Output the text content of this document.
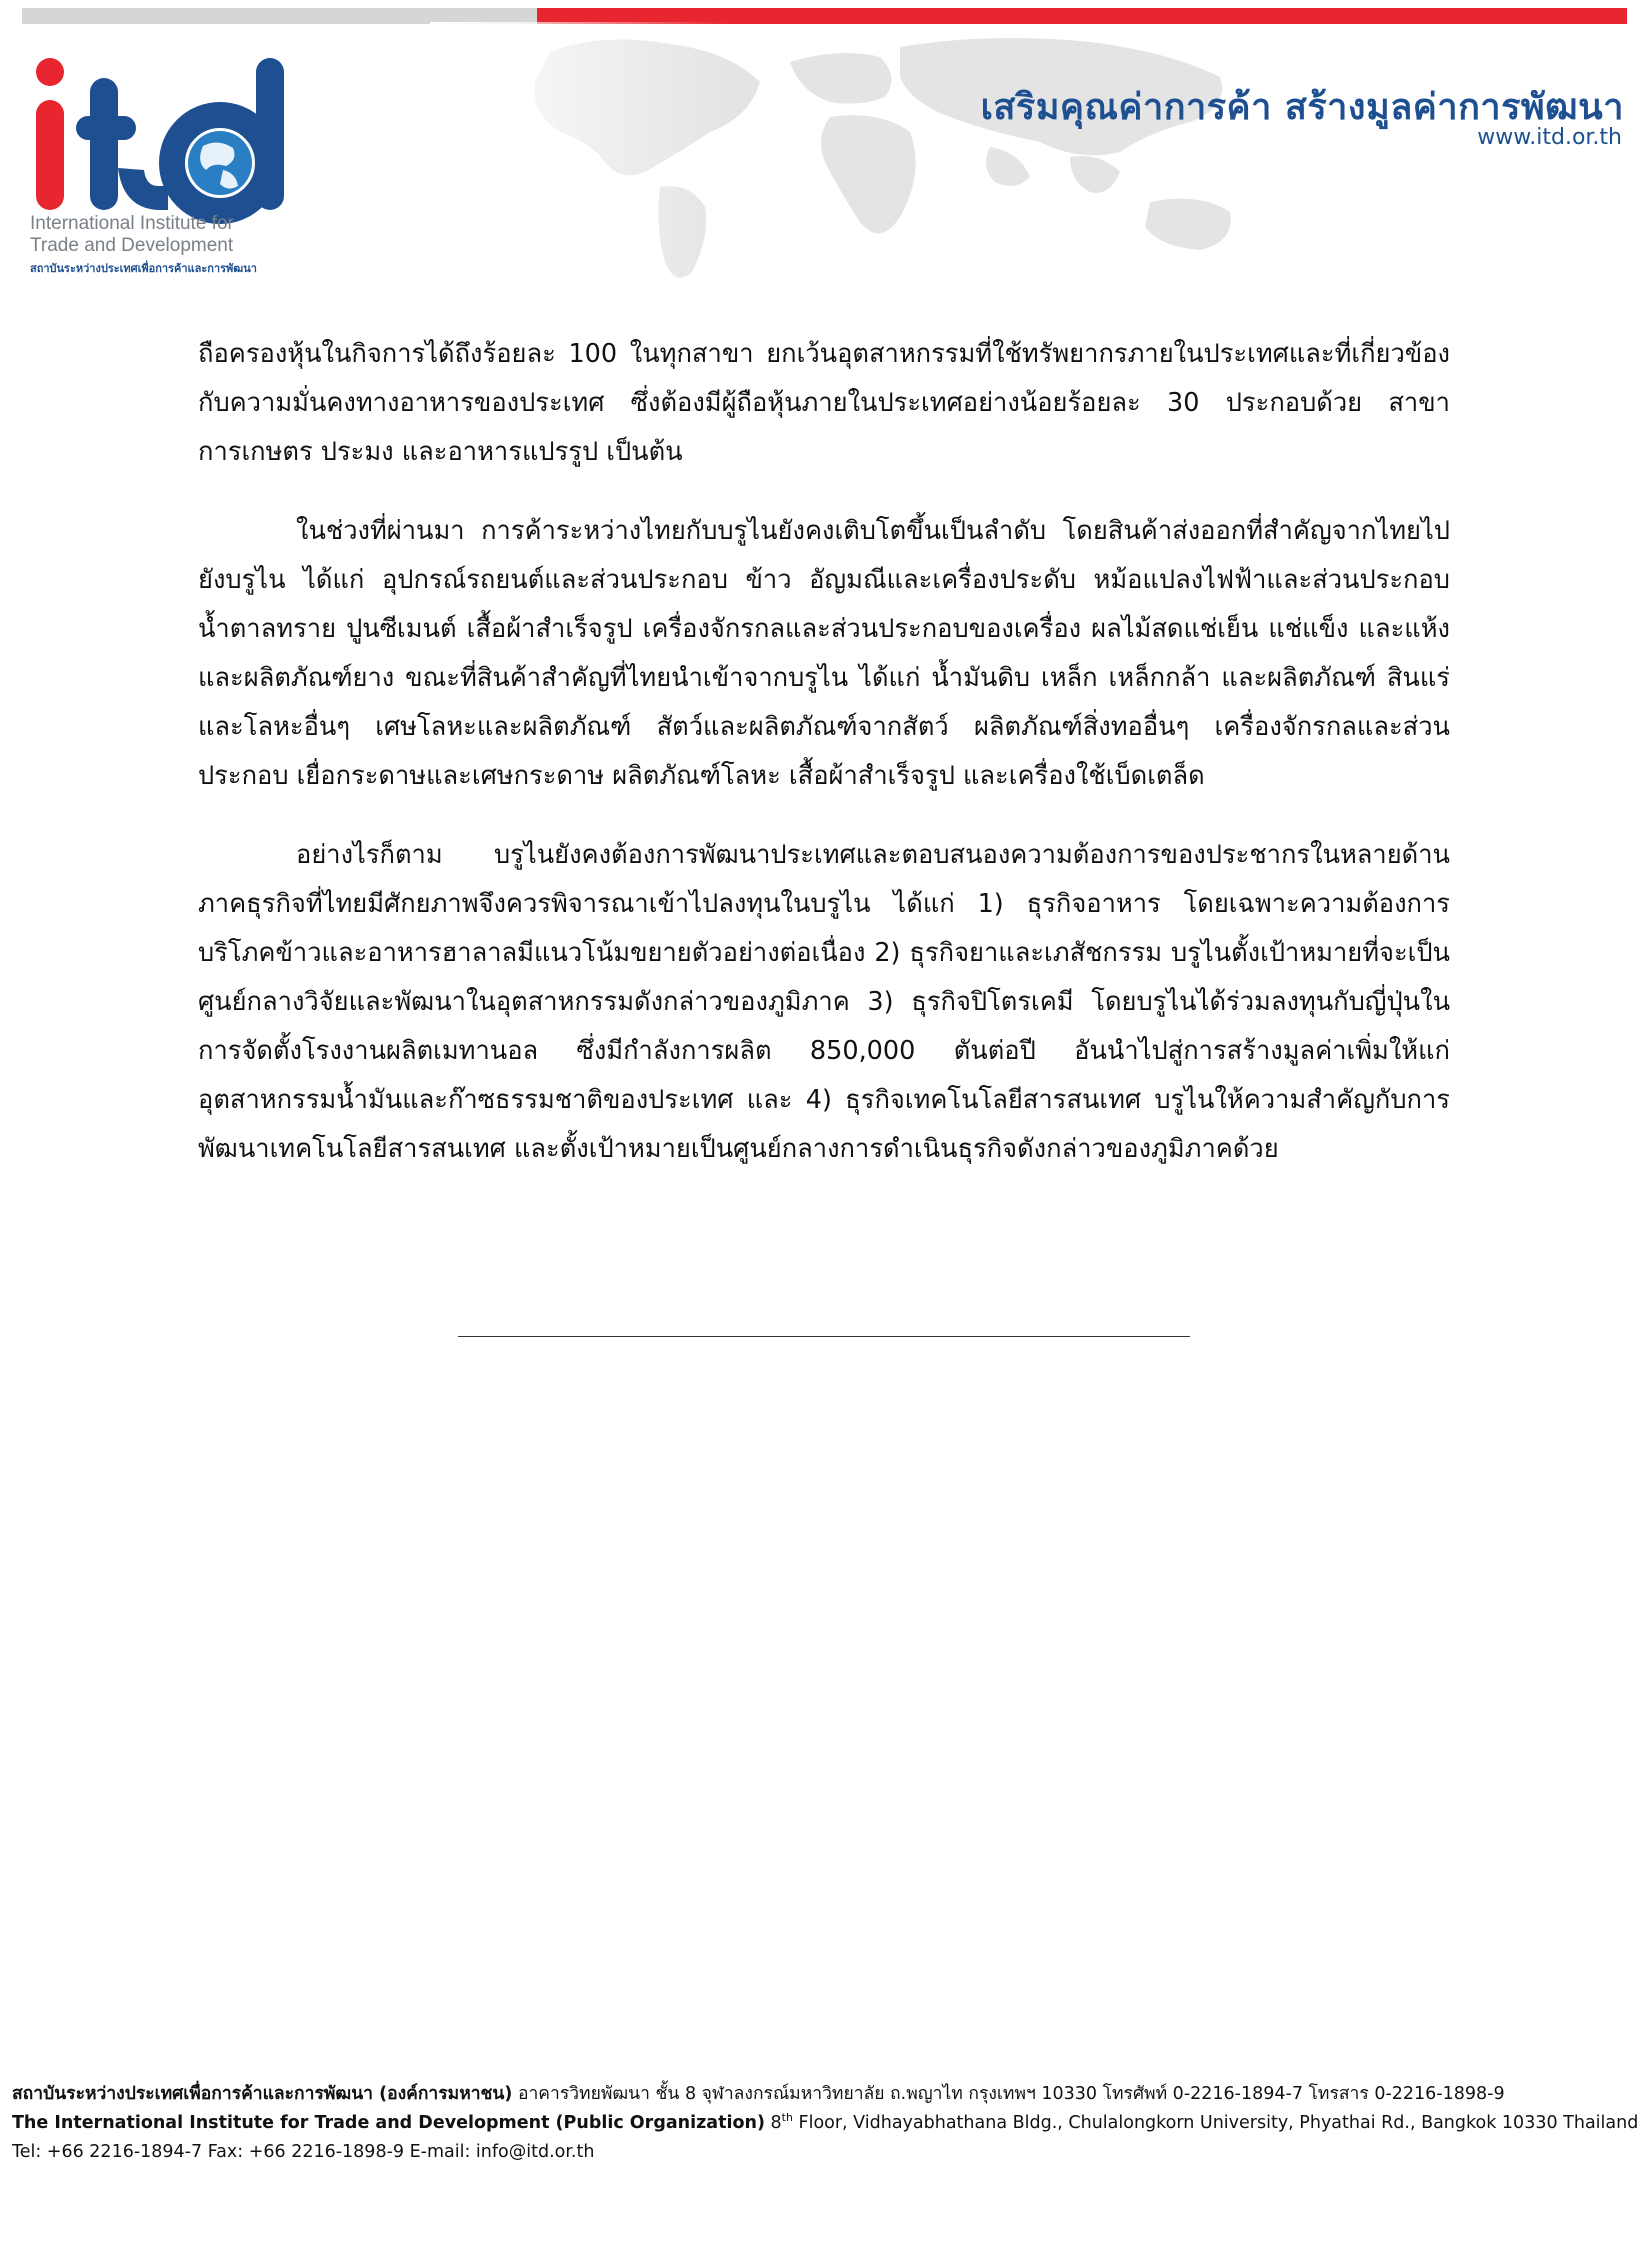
International Institute for
Trade and Development
สถาบันระหว่างประเทศเพื่อการค้าและการพัฒนา
เสริมคุณค่าการค้า สร้างมูลค่าการพัฒนา
www.itd.or.th

ถือครองหุ้นในกิจการได้ถึงร้อยละ 100 ในทุกสาขา ยกเว้นอุตสาหกรรมที่ใช้ทรัพยากรภายในประเทศและที่เกี่ยวข้องกับความมั่นคงทางอาหารของประเทศ ซึ่งต้องมีผู้ถือหุ้นภายในประเทศอย่างน้อยร้อยละ 30 ประกอบด้วย สาขาการเกษตร ประมง และอาหารแปรรูป เป็นต้น

ในช่วงที่ผ่านมา การค้าระหว่างไทยกับบรูไนยังคงเติบโตขึ้นเป็นลำดับ โดยสินค้าส่งออกที่สำคัญจากไทยไปยังบรูไน ได้แก่ อุปกรณ์รถยนต์และส่วนประกอบ ข้าว อัญมณีและเครื่องประดับ หม้อแปลงไฟฟ้าและส่วนประกอบ น้ำตาลทราย ปูนซีเมนต์ เสื้อผ้าสำเร็จรูป เครื่องจักรกลและส่วนประกอบของเครื่อง ผลไม้สดแช่เย็น แช่แข็ง และแห้ง และผลิตภัณฑ์ยาง ขณะที่สินค้าสำคัญที่ไทยนำเข้าจากบรูไน ได้แก่ น้ำมันดิบ เหล็ก เหล็กกล้า และผลิตภัณฑ์ สินแร่และโลหะอื่นๆ เศษโลหะและผลิตภัณฑ์ สัตว์และผลิตภัณฑ์จากสัตว์ ผลิตภัณฑ์สิ่งทออื่นๆ เครื่องจักรกลและส่วนประกอบ เยื่อกระดาษและเศษกระดาษ ผลิตภัณฑ์โลหะ เสื้อผ้าสำเร็จรูป และเครื่องใช้เบ็ดเตล็ด

อย่างไรก็ตาม บรูไนยังคงต้องการพัฒนาประเทศและตอบสนองความต้องการของประชากรในหลายด้าน ภาคธุรกิจที่ไทยมีศักยภาพจึงควรพิจารณาเข้าไปลงทุนในบรูไน ได้แก่ 1) ธุรกิจอาหาร โดยเฉพาะความต้องการบริโภคข้าวและอาหารฮาลาลมีแนวโน้มขยายตัวอย่างต่อเนื่อง 2) ธุรกิจยาและเภสัชกรรม บรูไนตั้งเป้าหมายที่จะเป็นศูนย์กลางวิจัยและพัฒนาในอุตสาหกรรมดังกล่าวของภูมิภาค 3) ธุรกิจปิโตรเคมี โดยบรูไนได้ร่วมลงทุนกับญี่ปุ่นในการจัดตั้งโรงงานผลิตเมทานอล ซึ่งมีกำลังการผลิต 850,000 ตันต่อปี อันนำไปสู่การสร้างมูลค่าเพิ่มให้แก่อุตสาหกรรมน้ำมันและก๊าซธรรมชาติของประเทศ และ 4) ธุรกิจเทคโนโลยีสารสนเทศ บรูไนให้ความสำคัญกับการพัฒนาเทคโนโลยีสารสนเทศ และตั้งเป้าหมายเป็นศูนย์กลางการดำเนินธุรกิจดังกล่าวของภูมิภาคด้วย

สถาบันระหว่างประเทศเพื่อการค้าและการพัฒนา (องค์การมหาชน) อาคารวิทยพัฒนา ชั้น 8 จุฬาลงกรณ์มหาวิทยาลัย ถ.พญาไท กรุงเทพฯ 10330 โทรศัพท์ 0-2216-1894-7 โทรสาร 0-2216-1898-9
The International Institute for Trade and Development (Public Organization) 8th Floor, Vidhayabhathana Bldg., Chulalongkorn University, Phyathai Rd., Bangkok 10330 Thailand
Tel: +66 2216-1894-7 Fax: +66 2216-1898-9 E-mail: info@itd.or.th
